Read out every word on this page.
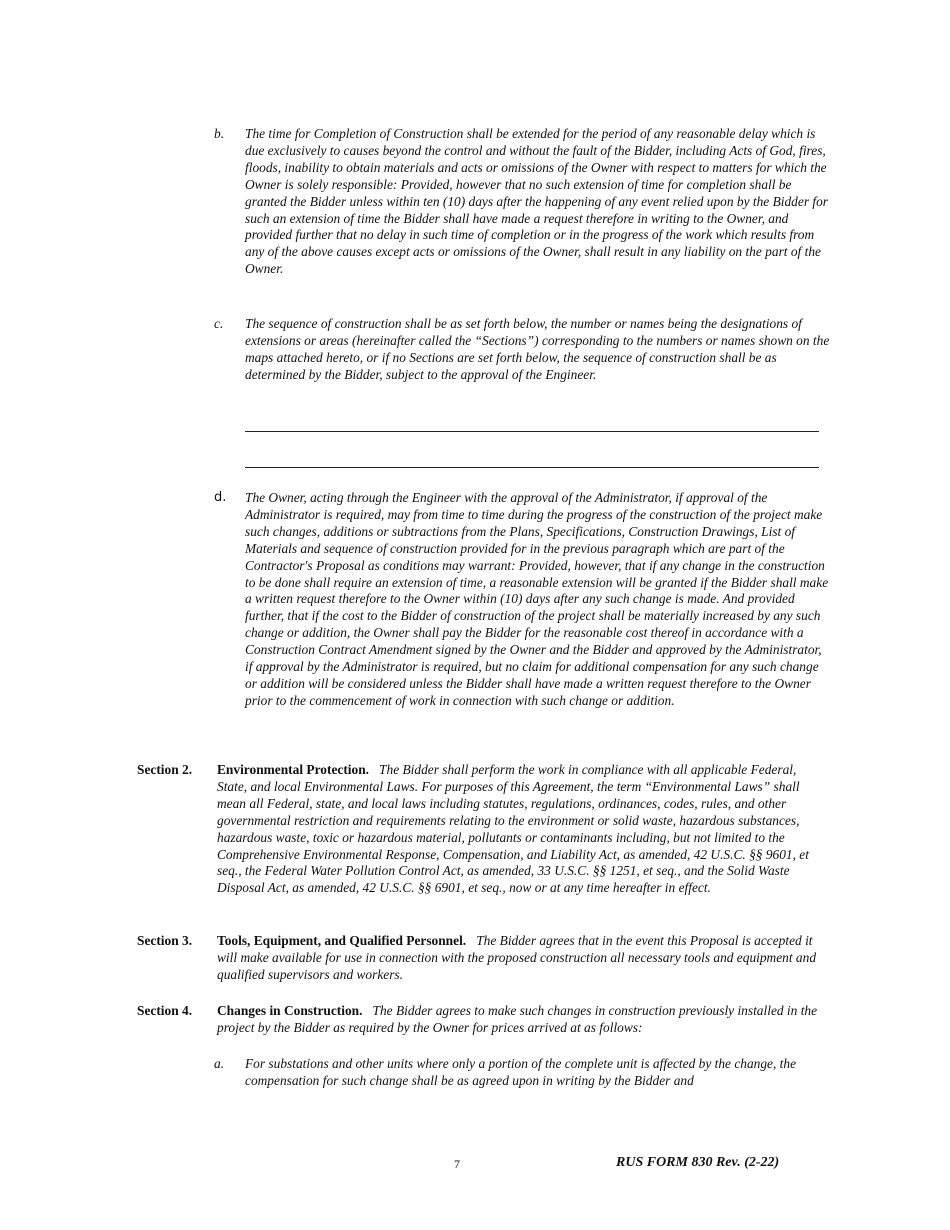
b. The time for Completion of Construction shall be extended for the period of any reasonable delay which is due exclusively to causes beyond the control and without the fault of the Bidder, including Acts of God, fires, floods, inability to obtain materials and acts or omissions of the Owner with respect to matters for which the Owner is solely responsible: Provided, however that no such extension of time for completion shall be granted the Bidder unless within ten (10) days after the happening of any event relied upon by the Bidder for such an extension of time the Bidder shall have made a request therefore in writing to the Owner, and provided further that no delay in such time of completion or in the progress of the work which results from any of the above causes except acts or omissions of the Owner, shall result in any liability on the part of the Owner.
c. The sequence of construction shall be as set forth below, the number or names being the designations of extensions or areas (hereinafter called the “Sections”) corresponding to the numbers or names shown on the maps attached hereto, or if no Sections are set forth below, the sequence of construction shall be as determined by the Bidder, subject to the approval of the Engineer.
d. The Owner, acting through the Engineer with the approval of the Administrator, if approval of the Administrator is required, may from time to time during the progress of the construction of the project make such changes, additions or subtractions from the Plans, Specifications, Construction Drawings, List of Materials and sequence of construction provided for in the previous paragraph which are part of the Contractor's Proposal as conditions may warrant: Provided, however, that if any change in the construction to be done shall require an extension of time, a reasonable extension will be granted if the Bidder shall make a written request therefore to the Owner within (10) days after any such change is made. And provided further, that if the cost to the Bidder of construction of the project shall be materially increased by any such change or addition, the Owner shall pay the Bidder for the reasonable cost thereof in accordance with a Construction Contract Amendment signed by the Owner and the Bidder and approved by the Administrator, if approval by the Administrator is required, but no claim for additional compensation for any such change or addition will be considered unless the Bidder shall have made a written request therefore to the Owner prior to the commencement of work in connection with such change or addition.
Section 2. Environmental Protection. The Bidder shall perform the work in compliance with all applicable Federal, State, and local Environmental Laws. For purposes of this Agreement, the term “Environmental Laws” shall mean all Federal, state, and local laws including statutes, regulations, ordinances, codes, rules, and other governmental restriction and requirements relating to the environment or solid waste, hazardous substances, hazardous waste, toxic or hazardous material, pollutants or contaminants including, but not limited to the Comprehensive Environmental Response, Compensation, and Liability Act, as amended, 42 U.S.C. §§ 9601, et seq., the Federal Water Pollution Control Act, as amended, 33 U.S.C. §§ 1251, et seq., and the Solid Waste Disposal Act, as amended, 42 U.S.C. §§ 6901, et seq., now or at any time hereafter in effect.
Section 3. Tools, Equipment, and Qualified Personnel. The Bidder agrees that in the event this Proposal is accepted it will make available for use in connection with the proposed construction all necessary tools and equipment and qualified supervisors and workers.
Section 4. Changes in Construction. The Bidder agrees to make such changes in construction previously installed in the project by the Bidder as required by the Owner for prices arrived at as follows:
a. For substations and other units where only a portion of the complete unit is affected by the change, the compensation for such change shall be as agreed upon in writing by the Bidder and
7	RUS FORM 830 Rev. (2-22)
